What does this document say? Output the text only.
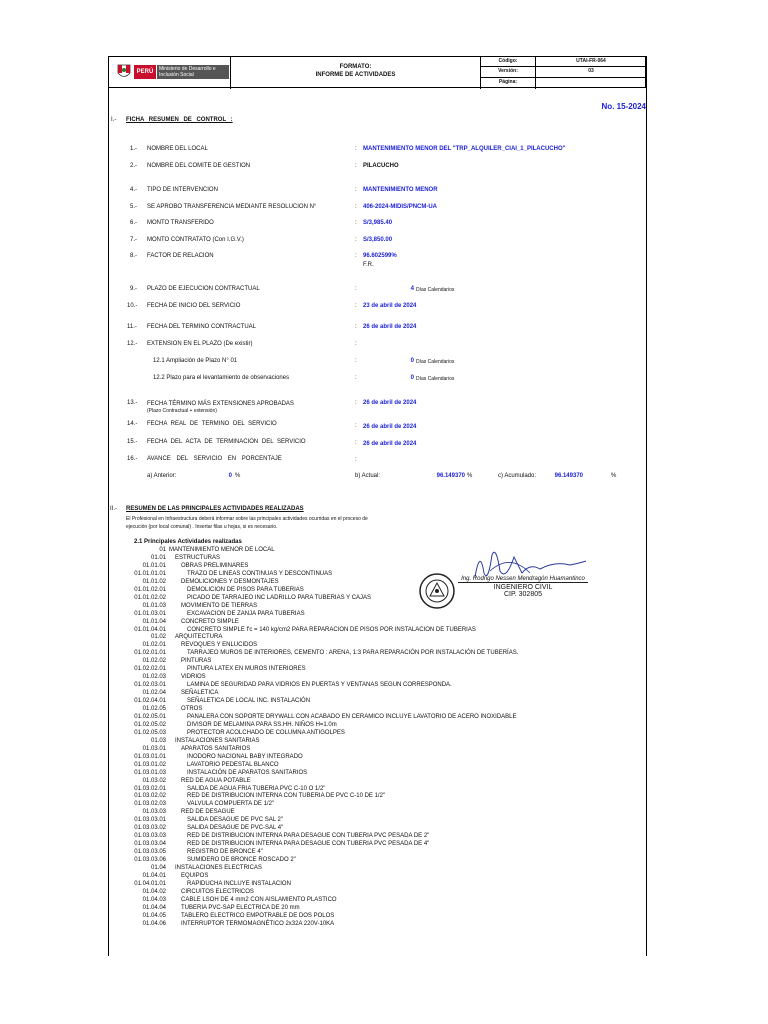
PERÚ	Ministerio de Desarrollo e Inclusión Social
FORMATO:
INFORME DE ACTIVIDADES
Código:	UTAI-FR-064
Versión:	03
Página:
No. 15-2024
I.- FICHA RESUMEN DE CONTROL :
1.- NOMBRE DEL LOCAL	: MANTENIMIENTO MENOR DEL "TRP_ALQUILER_CIAI_1_PILACUCHO"
2.- NOMBRE DEL COMITE DE GESTION	: PILACUCHO
4.- TIPO DE INTERVENCION	: MANTENIMIENTO MENOR
5.- SE APROBO TRANSFERENCIA MEDIANTE RESOLUCION N°	: 406-2024-MIDIS/PNCM-UA
6.- MONTO TRANSFERIDO	: S/3,985.40
7.- MONTO CONTRATATO (Con I.G.V.)	: S/3,850.00
8.- FACTOR DE RELACION	: 96.602599%
F.R.
9.- PLAZO DE EJECUCION CONTRACTUAL	:	4 Días Calendarios
10.- FECHA DE INICIO DEL SERVICIO	: 23 de abril de 2024
11.- FECHA DEL TERMINO CONTRACTUAL	: 26 de abril de 2024
12.- EXTENSION EN EL PLAZO (De existir)	:
12.1 Ampliación de Plazo N° 01	:	0 Días Calendarios
12.2 Plazo para el levantamiento de observaciones	:	0 Días Calendarios
13.- FECHA TÉRMINO MÁS EXTENSIONES APROBADAS
(Plazo Contractual + extensión)
: 26 de abril de 2024
14.- FECHA REAL DE TERMINO DEL SERVICIO	: 26 de abril de 2024
15.- FECHA DEL ACTA DE TERMINACION DEL SERVICIO	: 26 de abril de 2024
16.- AVANCE DEL SERVICIO EN PORCENTAJE	:
a) Anterior:	0 %	b) Actual:	96.149370 %	c) Acumulado:	96.149370	%
II.- RESUMEN DE LAS PRINCIPALES ACTIVIDADES REALIZADAS
El Profesional en Infraestructura deberá informar sobre las principales actividades ocurridas en el proceso de
ejecución (por local comunal) . Insertar filas u hojas, si es necesario.
2.1 Principales Actividades realizadas
Ing. Rodrigo Nessen Mendragón Huamantinco
INGENIERO CIVIL
CIP. 302805
01 MANTENIMIENTO MENOR DE LOCAL
01.01 ESTRUCTURAS
01.01.01	OBRAS PRELIMINARES
01.01.01.01	TRAZO DE LINEAS CONTINUAS Y DESCONTINUAS
01.01.02	DEMOLICIONES Y DESMONTAJES
01.01.02.01	DEMOLICION DE PISOS PARA TUBERIAS
01.01.02.02	PICADO DE TARRAJEO INC LADRILLO PARA TUBERIAS Y CAJAS
01.01.03	MOVIMIENTO DE TIERRAS
01.01.03.01	EXCAVACION DE ZANJA PARA TUBERIAS
01.01.04	CONCRETO SIMPLE
01.01.04.01	CONCRETO SIMPLE f'c = 140 kg/cm2 PARA REPARACION DE PISOS POR INSTALACION DE TUBERIAS
01.02 ARQUITECTURA
01.02.01	REVOQUES Y ENLUCIDOS
01.02.01.01	TARRAJEO MUROS DE INTERIORES, CEMENTO : ARENA, 1:3 PARA REPARACIÓN POR INSTALACIÓN DE TUBERÍAS.
01.02.02	PINTURAS
01.02.02.01	PINTURA LATEX EN MUROS INTERIORES
01.02.03	VIDRIOS
01.02.03.01	LAMINA DE SEGURIDAD PARA VIDRIOS EN PUERTAS Y VENTANAS SEGUN CORRESPONDA.
01.02.04	SEÑALETICA
01.02.04.01	SEÑALETICA DE LOCAL INC. INSTALACIÓN
01.02.05	OTROS
01.02.05.01	PANALERA CON SOPORTE DRYWALL CON ACABADO EN CERAMICO INCLUYE LAVATORIO DE ACERO INOXIDABLE
01.02.05.02	DIVISOR DE MELAMINA PARA SS.HH. NIÑOS H=1.0m
01.02.05.03	PROTECTOR ACOLCHADO DE COLUMNA ANTIGOLPES
01.03 INSTALACIONES SANITARIAS
01.03.01	APARATOS SANITARIOS
01.03.01.01	INODORO NACIONAL BABY INTEGRADO
01.03.01.02	LAVATORIO PEDESTAL BLANCO
01.03.01.03	INSTALACIÓN DE APARATOS SANITARIOS
01.03.02	RED DE AGUA POTABLE
01.03.02.01	SALIDA DE AGUA FRIA TUBERIA PVC C-10 O 1/2"
01.03.02.02	RED DE DISTRIBUCION INTERNA CON TUBERIA DE PVC C-10 DE 1/2"
01.03.02.03	VALVULA COMPUERTA DE 1/2"
01.03.03	RED DE DESAGUE
01.03.03.01	SALIDA DESAGUE DE PVC SAL 2"
01.03.03.02	SALIDA DESAGUE DE PVC-SAL 4"
01.03.03.03	RED DE DISTRIBUCION INTERNA PARA DESAGUE CON TUBERIA PVC PESADA DE 2"
01.03.03.04	RED DE DISTRIBUCION INTERNA PARA DESAGUE CON TUBERIA PVC PESADA DE 4"
01.03.03.05	REGISTRO DE BRONCE 4"
01.03.03.06	SUMIDERO DE BRONCE ROSCADO 2"
01.04 INSTALACIONES ELECTRICAS
01.04.01	EQUIPOS
01.04.01.01	RAPIDUCHA INCLUYE INSTALACION
01.04.02	CIRCUITOS ELECTRICOS
01.04.03	CABLE LSOH DE 4 mm2 CON AISLAMIENTO PLASTICO
01.04.04	TUBERIA PVC-SAP ELECTRICA DE 20 mm
01.04.05	TABLERO ELECTRICO EMPOTRABLE DE DOS POLOS
01.04.06	INTERRUPTOR TERMOMAGNÉTICO 2x32A 220V-10KA
